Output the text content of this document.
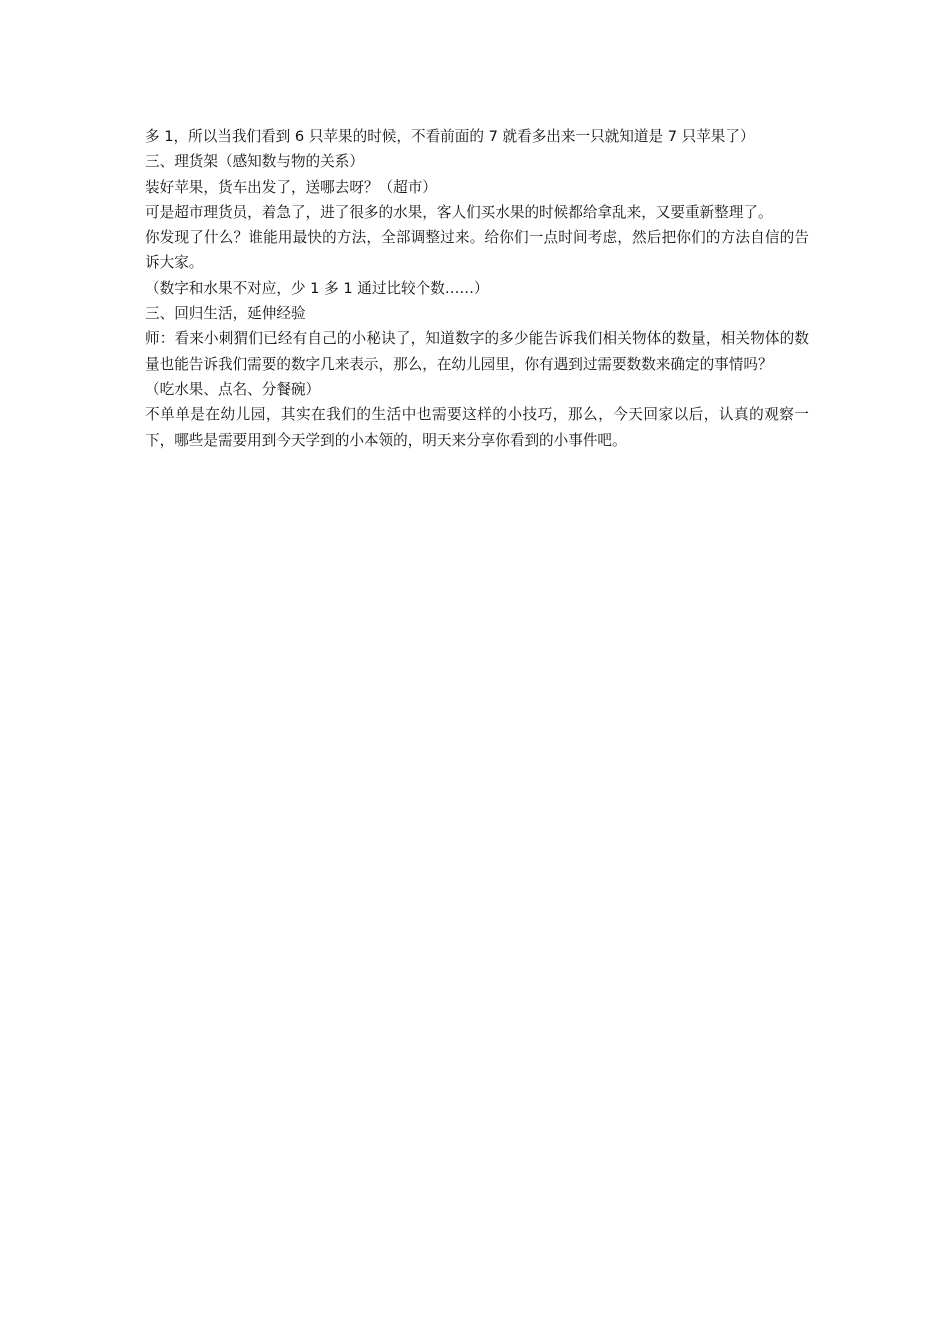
多 1，所以当我们看到 6 只苹果的时候，不看前面的 7 就看多出来一只就知道是 7 只苹果了）

三、理货架（感知数与物的关系）

装好苹果，货车出发了，送哪去呀？（超市）

可是超市理货员，着急了，进了很多的水果，客人们买水果的时候都给拿乱来，又要重新整理了。

你发现了什么？谁能用最快的方法，全部调整过来。给你们一点时间考虑，然后把你们的方法自信的告诉大家。

（数字和水果不对应，少 1 多 1 通过比较个数……）

三、回归生活，延伸经验

师：看来小刺猬们已经有自己的小秘诀了，知道数字的多少能告诉我们相关物体的数量，相关物体的数量也能告诉我们需要的数字几来表示，那么，在幼儿园里，你有遇到过需要数数来确定的事情吗？

（吃水果、点名、分餐碗）

不单单是在幼儿园，其实在我们的生活中也需要这样的小技巧，那么，今天回家以后，认真的观察一下，哪些是需要用到今天学到的小本领的，明天来分享你看到的小事件吧。
